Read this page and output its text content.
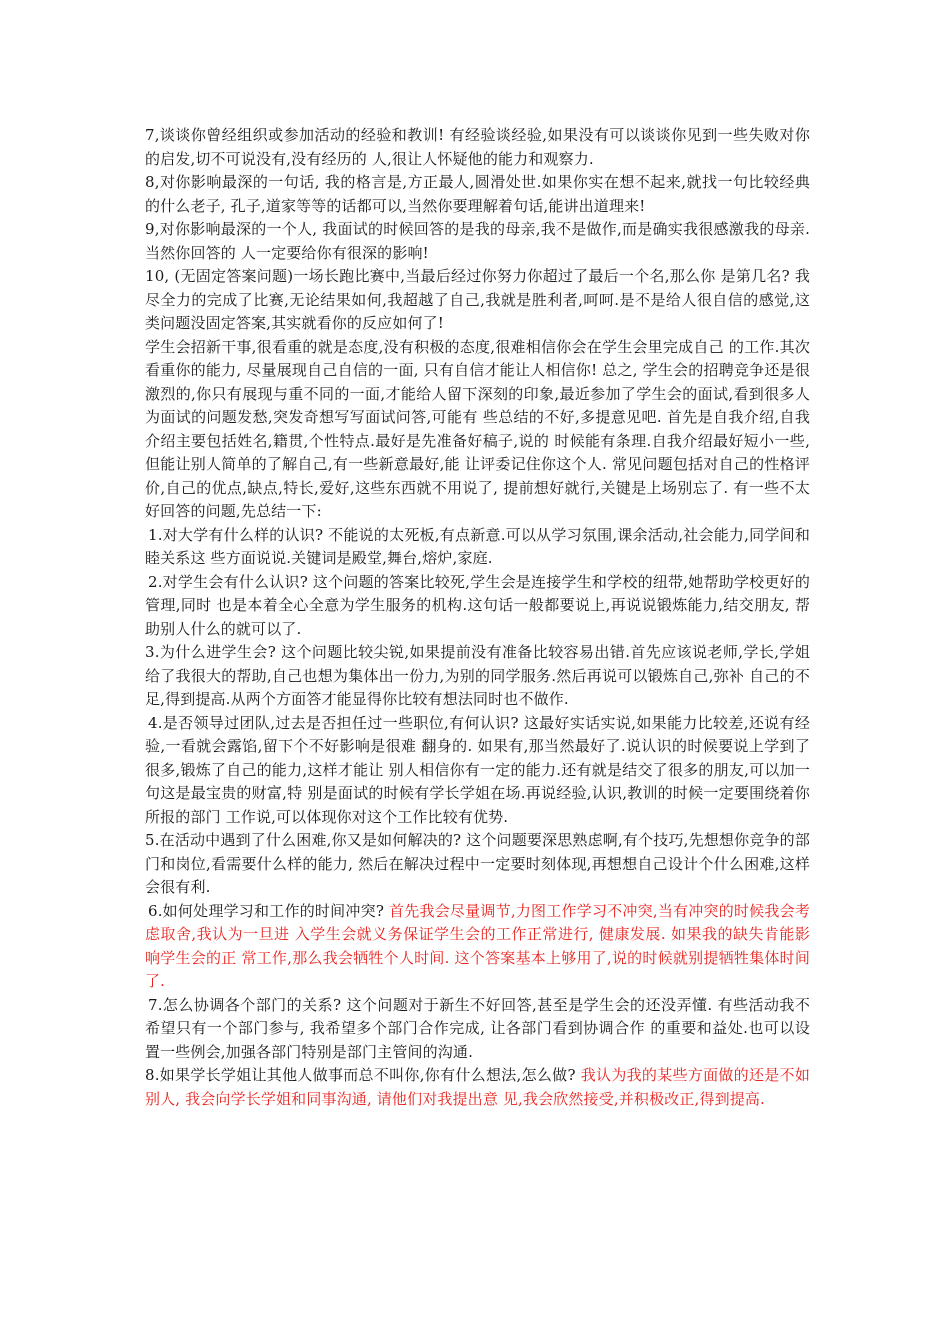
7,谈谈你曾经组织或参加活动的经验和教训! 有经验谈经验,如果没有可以谈谈你见到一些失败对你的启发,切不可说没有,没有经历的 人,很让人怀疑他的能力和观察力.

8,对你影响最深的一句话, 我的格言是,方正最人,圆滑处世.如果你实在想不起来,就找一句比较经典的什么老子, 孔子,道家等等的话都可以,当然你要理解着句话,能讲出道理来!

9,对你影响最深的一个人, 我面试的时候回答的是我的母亲,我不是做作,而是确实我很感激我的母亲.当然你回答的 人一定要给你有很深的影响!

10, (无固定答案问题)一场长跑比赛中,当最后经过你努力你超过了最后一个名,那么你 是第几名? 我尽全力的完成了比赛,无论结果如何,我超越了自己,我就是胜利者,呵呵.是不是给人很自信的感觉,这类问题没固定答案,其实就看你的反应如何了!

学生会招新干事,很看重的就是态度,没有积极的态度,很难相信你会在学生会里完成自己 的工作.其次看重你的能力, 尽量展现自己自信的一面, 只有自信才能让人相信你! 总之, 学生会的招聘竞争还是很激烈的,你只有展现与重不同的一面,才能给人留下深刻的印象,最近参加了学生会的面试,看到很多人为面试的问题发愁,突发奇想写写面试问答,可能有 些总结的不好,多提意见吧. 首先是自我介绍,自我介绍主要包括姓名,籍贯,个性特点.最好是先准备好稿子,说的 时候能有条理.自我介绍最好短小一些,但能让别人简单的了解自己,有一些新意最好,能 让评委记住你这个人. 常见问题包括对自己的性格评价,自己的优点,缺点,特长,爱好,这些东西就不用说了, 提前想好就行,关键是上场别忘了. 有一些不太好回答的问题,先总结一下:

1.对大学有什么样的认识? 不能说的太死板,有点新意.可以从学习氛围,课余活动,社会能力,同学间和睦关系这 些方面说说.关键词是殿堂,舞台,熔炉,家庭.

2.对学生会有什么认识? 这个问题的答案比较死,学生会是连接学生和学校的纽带,她帮助学校更好的管理,同时 也是本着全心全意为学生服务的机构.这句话一般都要说上,再说说锻炼能力,结交朋友, 帮助别人什么的就可以了.

3.为什么进学生会? 这个问题比较尖锐,如果提前没有准备比较容易出错.首先应该说老师,学长,学姐给了我很大的帮助,自己也想为集体出一份力,为别的同学服务.然后再说可以锻炼自己,弥补 自己的不足,得到提高.从两个方面答才能显得你比较有想法同时也不做作.

4.是否领导过团队,过去是否担任过一些职位,有何认识? 这最好实话实说,如果能力比较差,还说有经验,一看就会露馅,留下个不好影响是很难 翻身的. 如果有,那当然最好了.说认识的时候要说上学到了很多,锻炼了自己的能力,这样才能让 别人相信你有一定的能力.还有就是结交了很多的朋友,可以加一句这是最宝贵的财富,特 别是面试的时候有学长学姐在场.再说经验,认识,教训的时候一定要围绕着你所报的部门 工作说,可以体现你对这个工作比较有优势.

5.在活动中遇到了什么困难,你又是如何解决的? 这个问题要深思熟虑啊,有个技巧,先想想你竞争的部门和岗位,看需要什么样的能力, 然后在解决过程中一定要时刻体现,再想想自己设计个什么困难,这样会很有利.

6.如何处理学习和工作的时间冲突? 首先我会尽量调节,力图工作学习不冲突,当有冲突的时候我会考虑取舍,我认为一旦进 入学生会就义务保证学生会的工作正常进行, 健康发展. 如果我的缺失肯能影响学生会的正 常工作,那么我会牺牲个人时间. 这个答案基本上够用了,说的时候就别提牺牲集体时间了.

7.怎么协调各个部门的关系? 这个问题对于新生不好回答,甚至是学生会的还没弄懂. 有些活动我不希望只有一个部门参与, 我希望多个部门合作完成, 让各部门看到协调合作 的重要和益处.也可以设置一些例会,加强各部门特别是部门主管间的沟通.

8.如果学长学姐让其他人做事而总不叫你,你有什么想法,怎么做? 我认为我的某些方面做的还是不如别人, 我会向学长学姐和同事沟通, 请他们对我提出意 见,我会欣然接受,并积极改正,得到提高.
